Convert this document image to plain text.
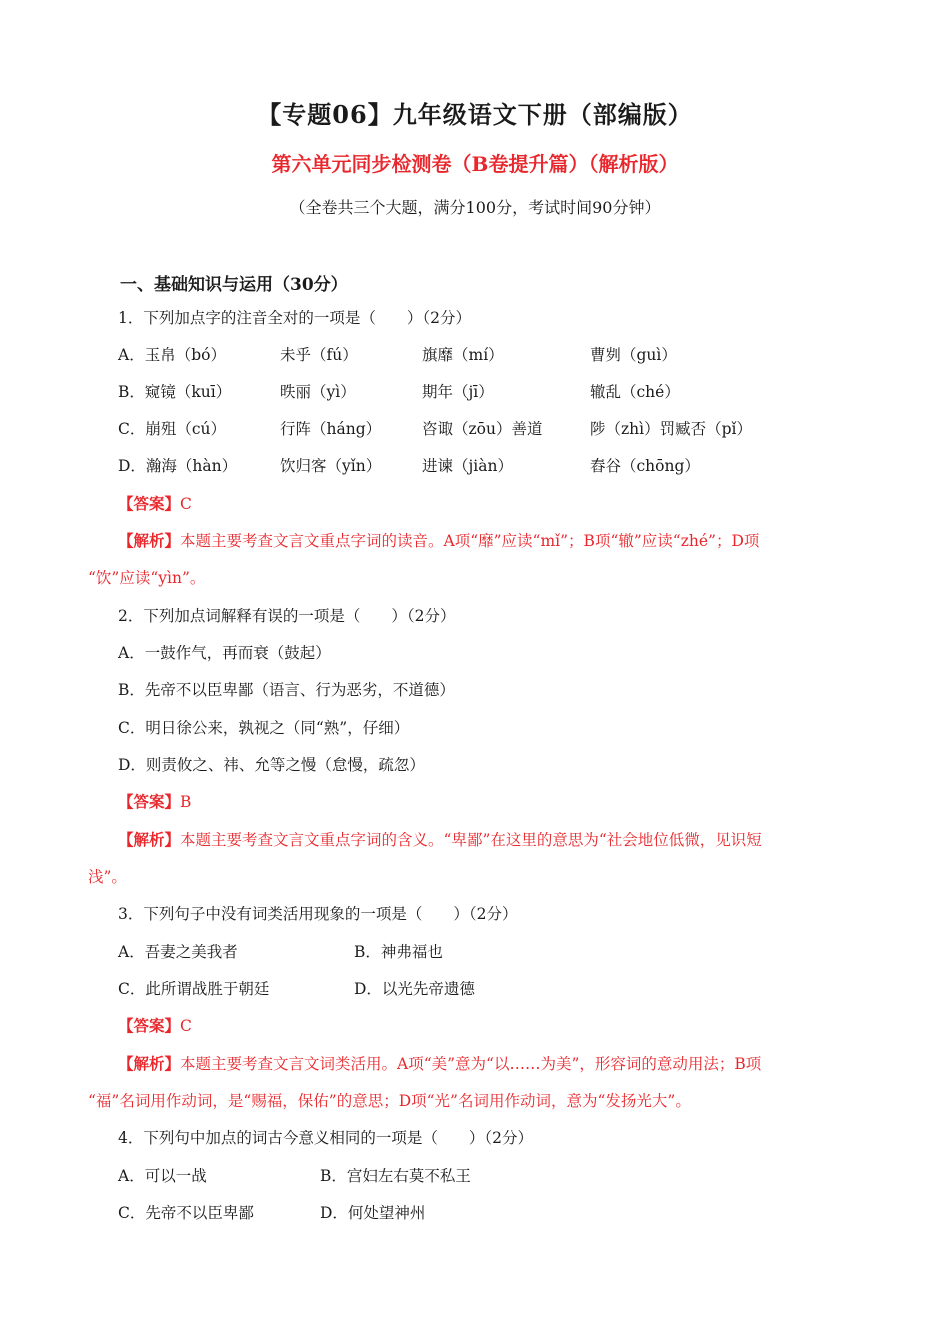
【专题06】九年级语文下册（部编版）
第六单元同步检测卷（B卷提升篇）（解析版）
（全卷共三个大题，满分100分，考试时间90分钟）
一、基础知识与运用（30分）
1．下列加点字的注音全对的一项是（　　）（2分）
A．玉帛（bó）	未乎（fú）	旗靡（mí）	曹刿（guì）
B．窥镜（kuī）	昳丽（yì）	期年（jī）	辙乱（ché）
C．崩殂（cú）	行阵（háng）	咨诹（zōu）善道	陟（zhì）罚臧否（pǐ）
D．瀚海（hàn）	饮归客（yǐn）	进谏（jiàn）	舂谷（chōng）
【答案】C
【解析】本题主要考查文言文重点字词的读音。A项“靡”应读“mǐ”；B项“辙”应读“zhé”；D项
“饮”应读“yìn”。
2．下列加点词解释有误的一项是（　　）（2分）
A．一鼓作气，再而衰（鼓起）
B．先帝不以臣卑鄙（语言、行为恶劣，不道德）
C．明日徐公来，孰视之（同“熟”，仔细）
D．则责攸之、祎、允等之慢（怠慢，疏忽）
【答案】B
【解析】本题主要考查文言文重点字词的含义。“卑鄙”在这里的意思为“社会地位低微，见识短
浅”。
3．下列句子中没有词类活用现象的一项是（　　）（2分）
A．吾妻之美我者	B．神弗福也
C．此所谓战胜于朝廷	D．以光先帝遗德
【答案】C
【解析】本题主要考查文言文词类活用。A项“美”意为“以……为美”，形容词的意动用法；B项
“福”名词用作动词，是“赐福，保佑”的意思；D项“光”名词用作动词，意为“发扬光大”。
4．下列句中加点的词古今意义相同的一项是（　　）（2分）
A．可以一战	B．宫妇左右莫不私王
C．先帝不以臣卑鄙	D．何处望神州
